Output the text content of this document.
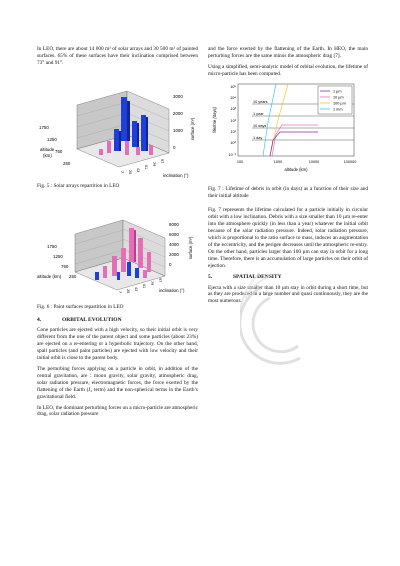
In LEO, there are about 14 000 m² of solar arrays and 30 500 m² of painted surfaces. 65% of these surfaces have their inclination comprised between 73° and 91°.

3000
2000
1000
0
surface (m²)
1750
1250
750
250
altitude
(km)
7 25 43
61
79
97
inclination (°)

Fig. 5 : Solar arrays repartition in LEO

8000
6000
4000
2000
0
surface (m²)
1750
1250
750
250
altitude (km)
7 25 43
61
79
97
inclination (°)

Fig. 6 : Paint surfaces repartition in LEO

4.	ORBITAL EVOLUTION

Cone particles are ejected with a high velocity, so their initial orbit is very different from the one of the parent object and some particles (about 23%) are ejected on a re-entering or a hyperbolic trajectory. On the other hand, spall particles (and paint particles) are ejected with low velocity and their initial orbit is close to the parent body.

The perturbing forces applying on a particle in orbit, in addition of the central gravitation, are : moon gravity, solar gravity, atmospheric drag, solar radiation pressure, electromagnetic forces, the force exerted by the flattening of the Earth (J₂ term) and the non-spherical terms in the Earth’s gravitational field.

In LEO, the dominant perturbing forces on a micro-particle are atmospheric drag, solar radiation pressure

and the force exerted by the flattening of the Earth. In HEO, the main perturbing forces are the same minus the atmospheric drag [7].

Using a simplified, semi-analytic model of orbital evolution, the lifetime of micro-particle has been computed.

10⁵
10⁴
10³
10²
10¹
10⁰
10⁻¹
lifetime (days)
100	1000	10000	100000
altitude (km)
10 years
1 year
10 days
1 day
1 µm
10 µm
100 µm
1 mm

Fig. 7 : Lifetime of debris in orbit (in days) as a function of their size and their initial altitude

Fig. 7 represents the lifetime calculated for a particle initially in circular orbit with a low inclination. Debris with a size smaller than 10 µm re-enter into the atmosphere quickly (in less than a year) whatever the initial orbit because of the solar radiation pressure. Indeed, solar radiation pressure, which is proportional to the ratio surface to mass, induces an augmentation of the eccentricity, and the perigee decreases until the atmospheric re-entry. On the other hand, particles larger than 100 µm can stay in orbit for a long time. Therefore, there is an accumulation of large particles on their orbit of ejection.

5.	SPATIAL DENSITY

Ejecta with a size smaller than 10 µm stay in orbit during a short time, but as they are produced in a large number and quasi continuously, they are the most numerous.
